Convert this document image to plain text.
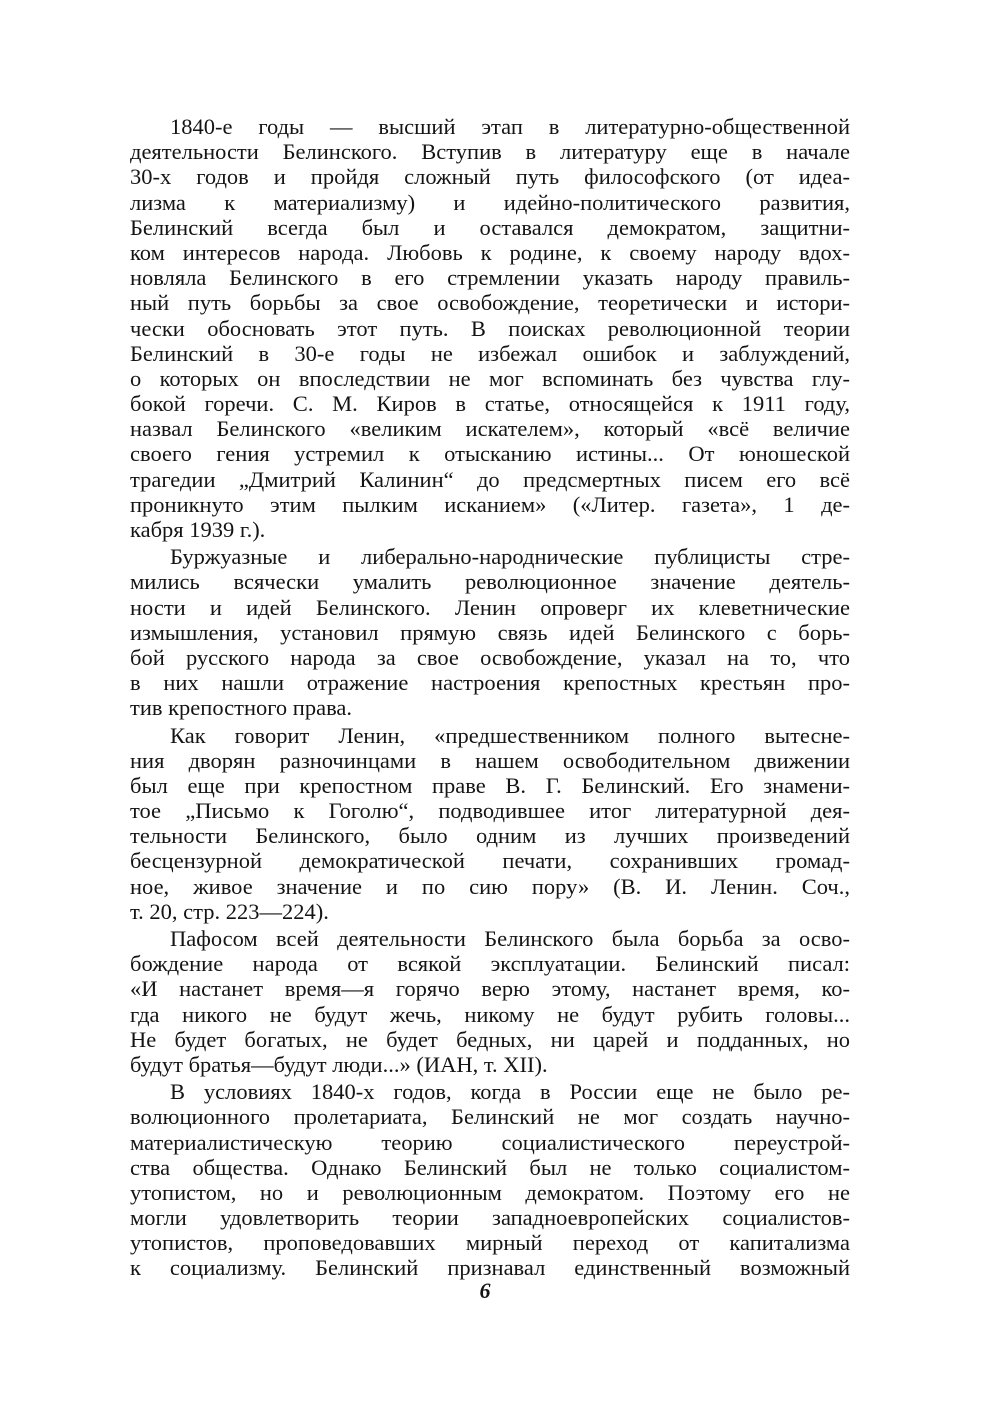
1840-е годы — высший этап в литературно-общественной
деятельности Белинского. Вступив в литературу еще в начале
30-х годов и пройдя сложный путь философского (от идеа-
лизма к материализму) и идейно-политического развития,
Белинский всегда был и оставался демократом, защитни-
ком интересов народа. Любовь к родине, к своему народу вдох-
новляла Белинского в его стремлении указать народу правиль-
ный путь борьбы за свое освобождение, теоретически и истори-
чески обосновать этот путь. В поисках революционной теории
Белинский в 30-е годы не избежал ошибок и заблуждений,
о которых он впоследствии не мог вспоминать без чувства глу-
бокой горечи. С. М. Киров в статье, относящейся к 1911 году,
назвал Белинского «великим искателем», который «всё величие
своего гения устремил к отысканию истины... От юношеской
трагедии „Дмитрий Калинин“ до предсмертных писем его всё
проникнуто этим пылким исканием» («Литер. газета», 1 де-
кабря 1939 г.).
Буржуазные и либерально-народнические публицисты стре-
мились всячески умалить революционное значение деятель-
ности и идей Белинского. Ленин опроверг их клеветнические
измышления, установил прямую связь идей Белинского с борь-
бой русского народа за свое освобождение, указал на то, что
в них нашли отражение настроения крепостных крестьян про-
тив крепостного права.
Как говорит Ленин, «предшественником полного вытесне-
ния дворян разночинцами в нашем освободительном движении
был еще при крепостном праве В. Г. Белинский. Его знамени-
тое „Письмо к Гоголю“, подводившее итог литературной дея-
тельности Белинского, было одним из лучших произведений
бесцензурной демократической печати, сохранивших громад-
ное, живое значение и по сию пору» (В. И. Ленин. Соч.,
т. 20, стр. 223—224).
Пафосом всей деятельности Белинского была борьба за осво-
бождение народа от всякой эксплуатации. Белинский писал:
«И настанет время—я горячо верю этому, настанет время, ко-
гда никого не будут жечь, никому не будут рубить головы...
Не будет богатых, не будет бедных, ни царей и подданных, но
будут братья—будут люди...» (ИАН, т. XII).
В условиях 1840-х годов, когда в России еще не было ре-
волюционного пролетариата, Белинский не мог создать научно-
материалистическую теорию социалистического переустрой-
ства общества. Однако Белинский был не только социалистом-
утопистом, но и революционным демократом. Поэтому его не
могли удовлетворить теории западноевропейских социалистов-
утопистов, проповедовавших мирный переход от капитализма
к социализму. Белинский признавал единственный возможный
6
